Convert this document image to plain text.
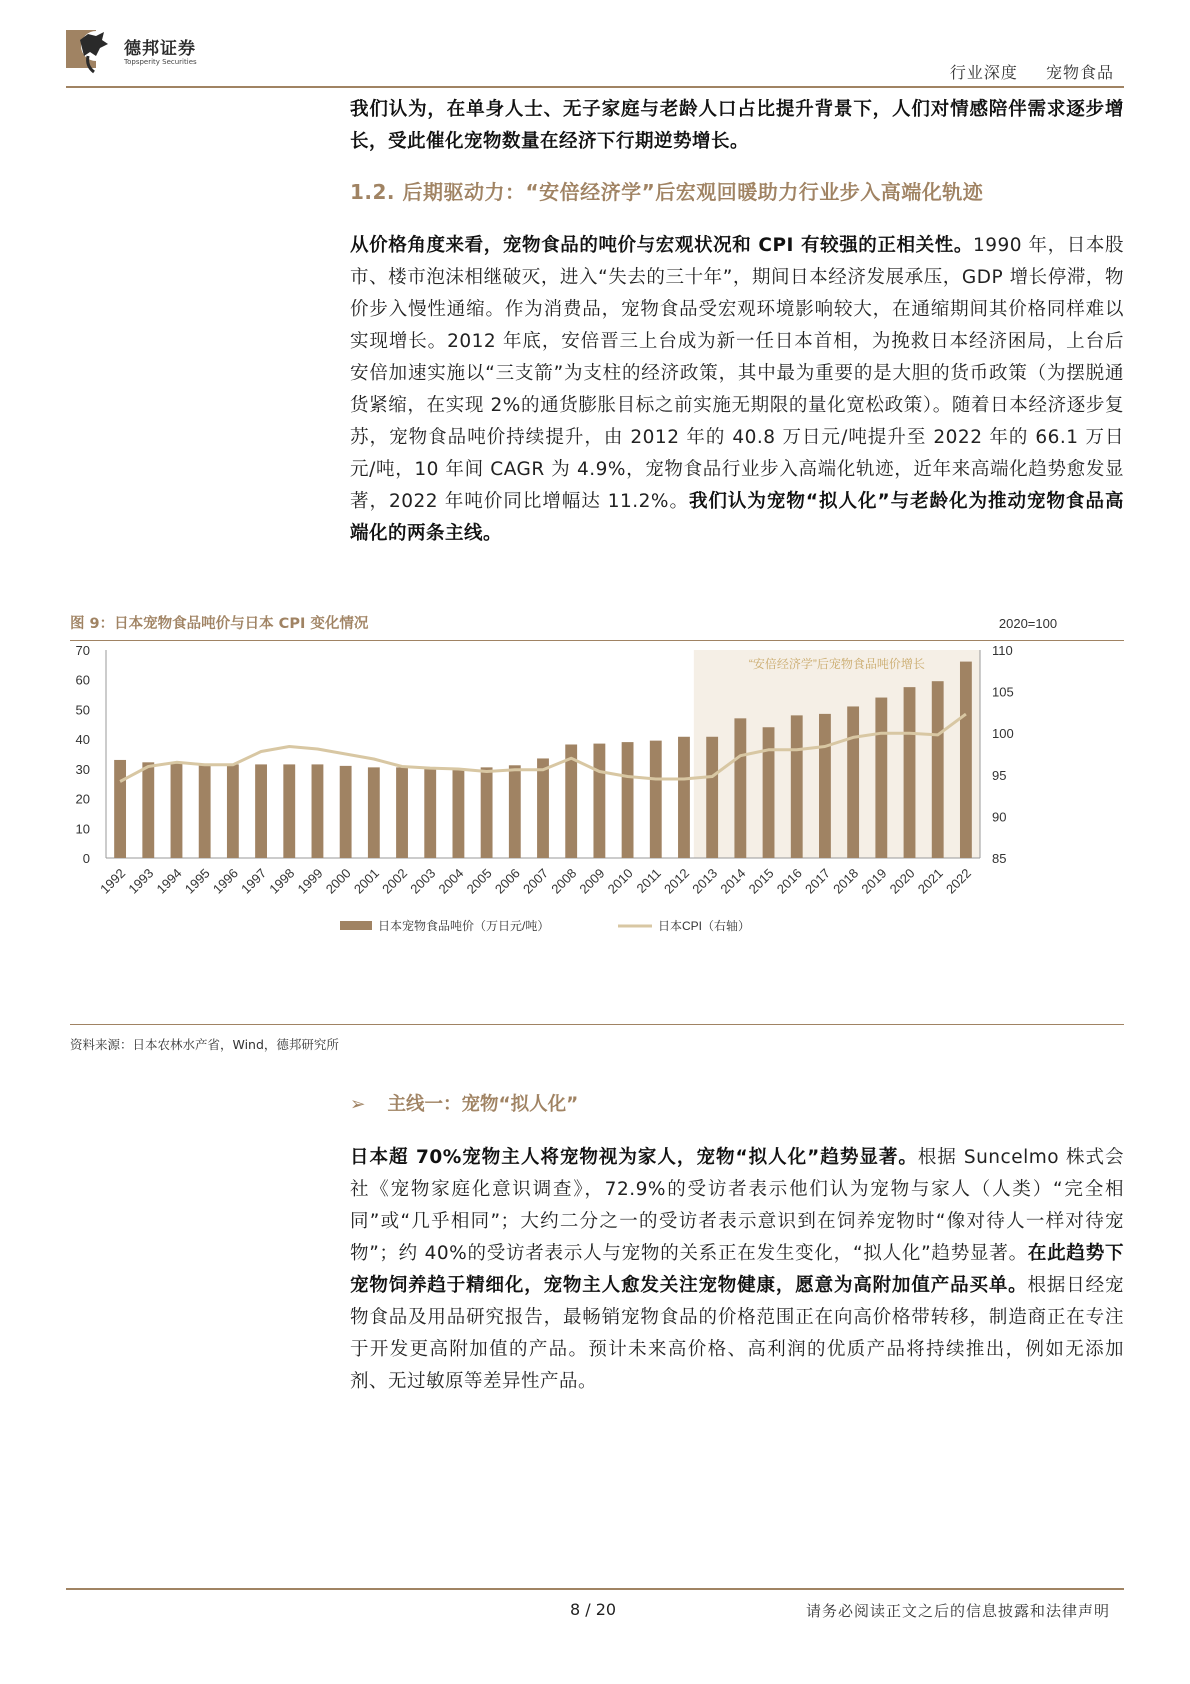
德邦证券
Topsperity Securities
行业深度 宠物食品
我们认为，在单身人士、无子家庭与老龄人口占比提升背景下，人们对情感陪伴需求逐步增长，受此催化宠物数量在经济下行期逆势增长。
1.2. 后期驱动力：“安倍经济学”后宏观回暖助力行业步入高端化轨迹
从价格角度来看，宠物食品的吨价与宏观状况和 CPI 有较强的正相关性。1990 年，日本股市、楼市泡沫相继破灭，进入“失去的三十年”，期间日本经济发展承压，GDP 增长停滞，物价步入慢性通缩。作为消费品，宠物食品受宏观环境影响较大，在通缩期间其价格同样难以实现增长。2012 年底，安倍晋三上台成为新一任日本首相，为挽救日本经济困局，上台后安倍加速实施以“三支箭”为支柱的经济政策，其中最为重要的是大胆的货币政策（为摆脱通货紧缩，在实现 2%的通货膨胀目标之前实施无期限的量化宽松政策）。随着日本经济逐步复苏，宠物食品吨价持续提升，由 2012 年的 40.8 万日元/吨提升至 2022 年的 66.1 万日元/吨，10 年间 CAGR 为 4.9%，宠物食品行业步入高端化轨迹，近年来高端化趋势愈发显著，2022 年吨价同比增幅达 11.2%。我们认为宠物“拟人化”与老龄化为推动宠物食品高端化的两条主线。
图 9：日本宠物食品吨价与日本 CPI 变化情况
“安倍经济学”后宠物食品吨价增长
0
10
20
30
40
50
60
70
85
90
95
100
105
110
2020=100
1992
1993
1994
1995
1996
1997
1998
1999
2000
2001
2002
2003
2004
2005
2006
2007
2008
2009
2010
2011
2012
2013
2014
2015
2016
2017
2018
2019
2020
2021
2022
日本宠物食品吨价（万日元/吨）	日本CPI（右轴）
资料来源：日本农林水产省，Wind，德邦研究所
➢ 主线一：宠物“拟人化”
日本超 70%宠物主人将宠物视为家人，宠物“拟人化”趋势显著。根据 Suncelmo 株式会社《宠物家庭化意识调查》，72.9%的受访者表示他们认为宠物与家人（人类）“完全相同”或“几乎相同”；大约二分之一的受访者表示意识到在饲养宠物时“像对待人一样对待宠物”；约 40%的受访者表示人与宠物的关系正在发生变化，“拟人化”趋势显著。在此趋势下宠物饲养趋于精细化，宠物主人愈发关注宠物健康，愿意为高附加值产品买单。根据日经宠物食品及用品研究报告，最畅销宠物食品的价格范围正在向高价格带转移，制造商正在专注于开发更高附加值的产品。预计未来高价格、高利润的优质产品将持续推出，例如无添加剂、无过敏原等差异性产品。
8 / 20	请务必阅读正文之后的信息披露和法律声明
